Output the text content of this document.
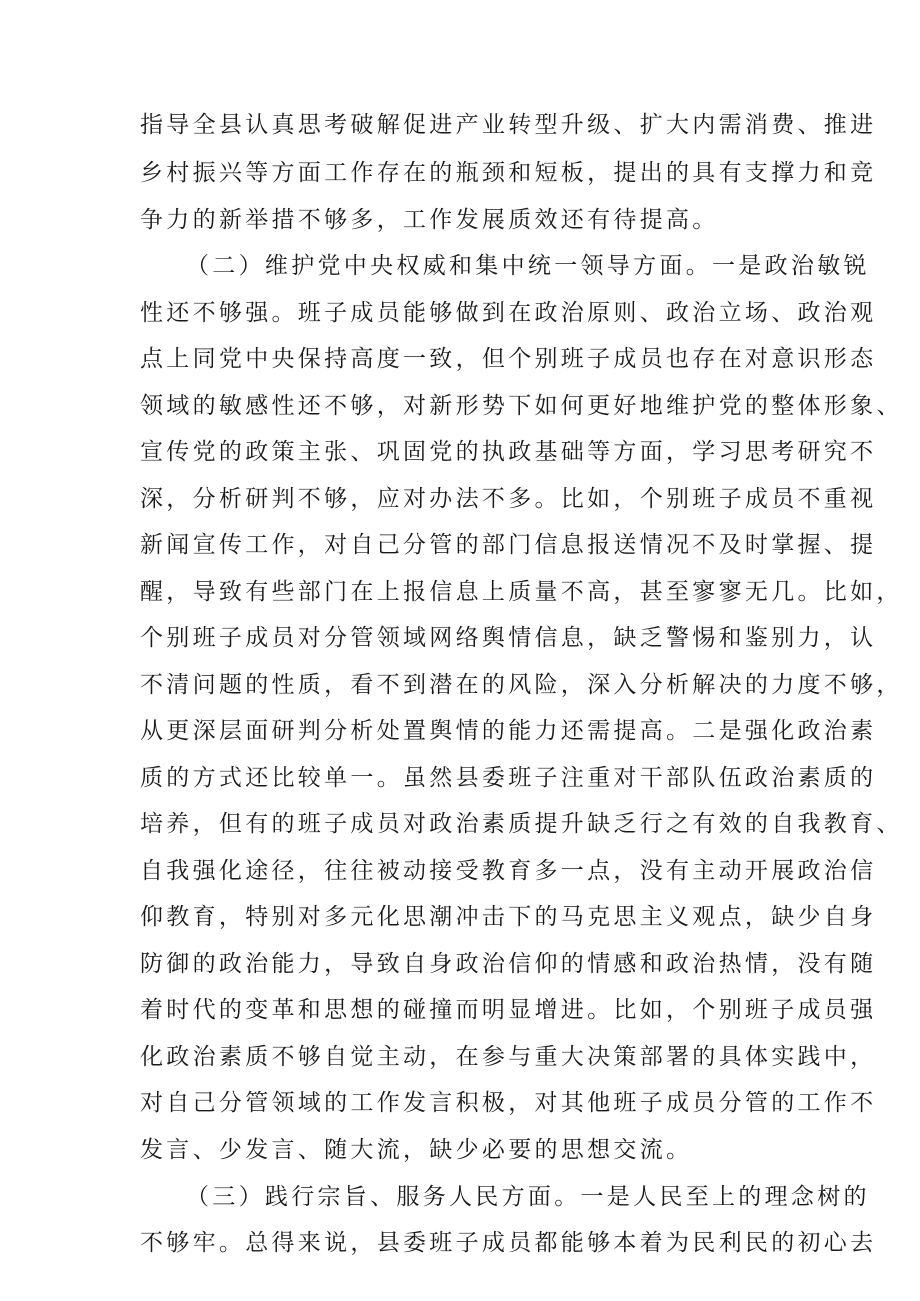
指导全县认真思考破解促进产业转型升级、扩大内需消费、推进
乡村振兴等方面工作存在的瓶颈和短板，提出的具有支撑力和竞
争力的新举措不够多，工作发展质效还有待提高。
（二）维护党中央权威和集中统一领导方面。一是政治敏锐
性还不够强。班子成员能够做到在政治原则、政治立场、政治观
点上同党中央保持高度一致，但个别班子成员也存在对意识形态
领域的敏感性还不够，对新形势下如何更好地维护党的整体形象、
宣传党的政策主张、巩固党的执政基础等方面，学习思考研究不
深，分析研判不够，应对办法不多。比如，个别班子成员不重视
新闻宣传工作，对自己分管的部门信息报送情况不及时掌握、提
醒，导致有些部门在上报信息上质量不高，甚至寥寥无几。比如，
个别班子成员对分管领域网络舆情信息，缺乏警惕和鉴别力，认
不清问题的性质，看不到潜在的风险，深入分析解决的力度不够，
从更深层面研判分析处置舆情的能力还需提高。二是强化政治素
质的方式还比较单一。虽然县委班子注重对干部队伍政治素质的
培养，但有的班子成员对政治素质提升缺乏行之有效的自我教育、
自我强化途径，往往被动接受教育多一点，没有主动开展政治信
仰教育，特别对多元化思潮冲击下的马克思主义观点，缺少自身
防御的政治能力，导致自身政治信仰的情感和政治热情，没有随
着时代的变革和思想的碰撞而明显增进。比如，个别班子成员强
化政治素质不够自觉主动，在参与重大决策部署的具体实践中，
对自己分管领域的工作发言积极，对其他班子成员分管的工作不
发言、少发言、随大流，缺少必要的思想交流。
（三）践行宗旨、服务人民方面。一是人民至上的理念树的
不够牢。总得来说，县委班子成员都能够本着为民利民的初心去
